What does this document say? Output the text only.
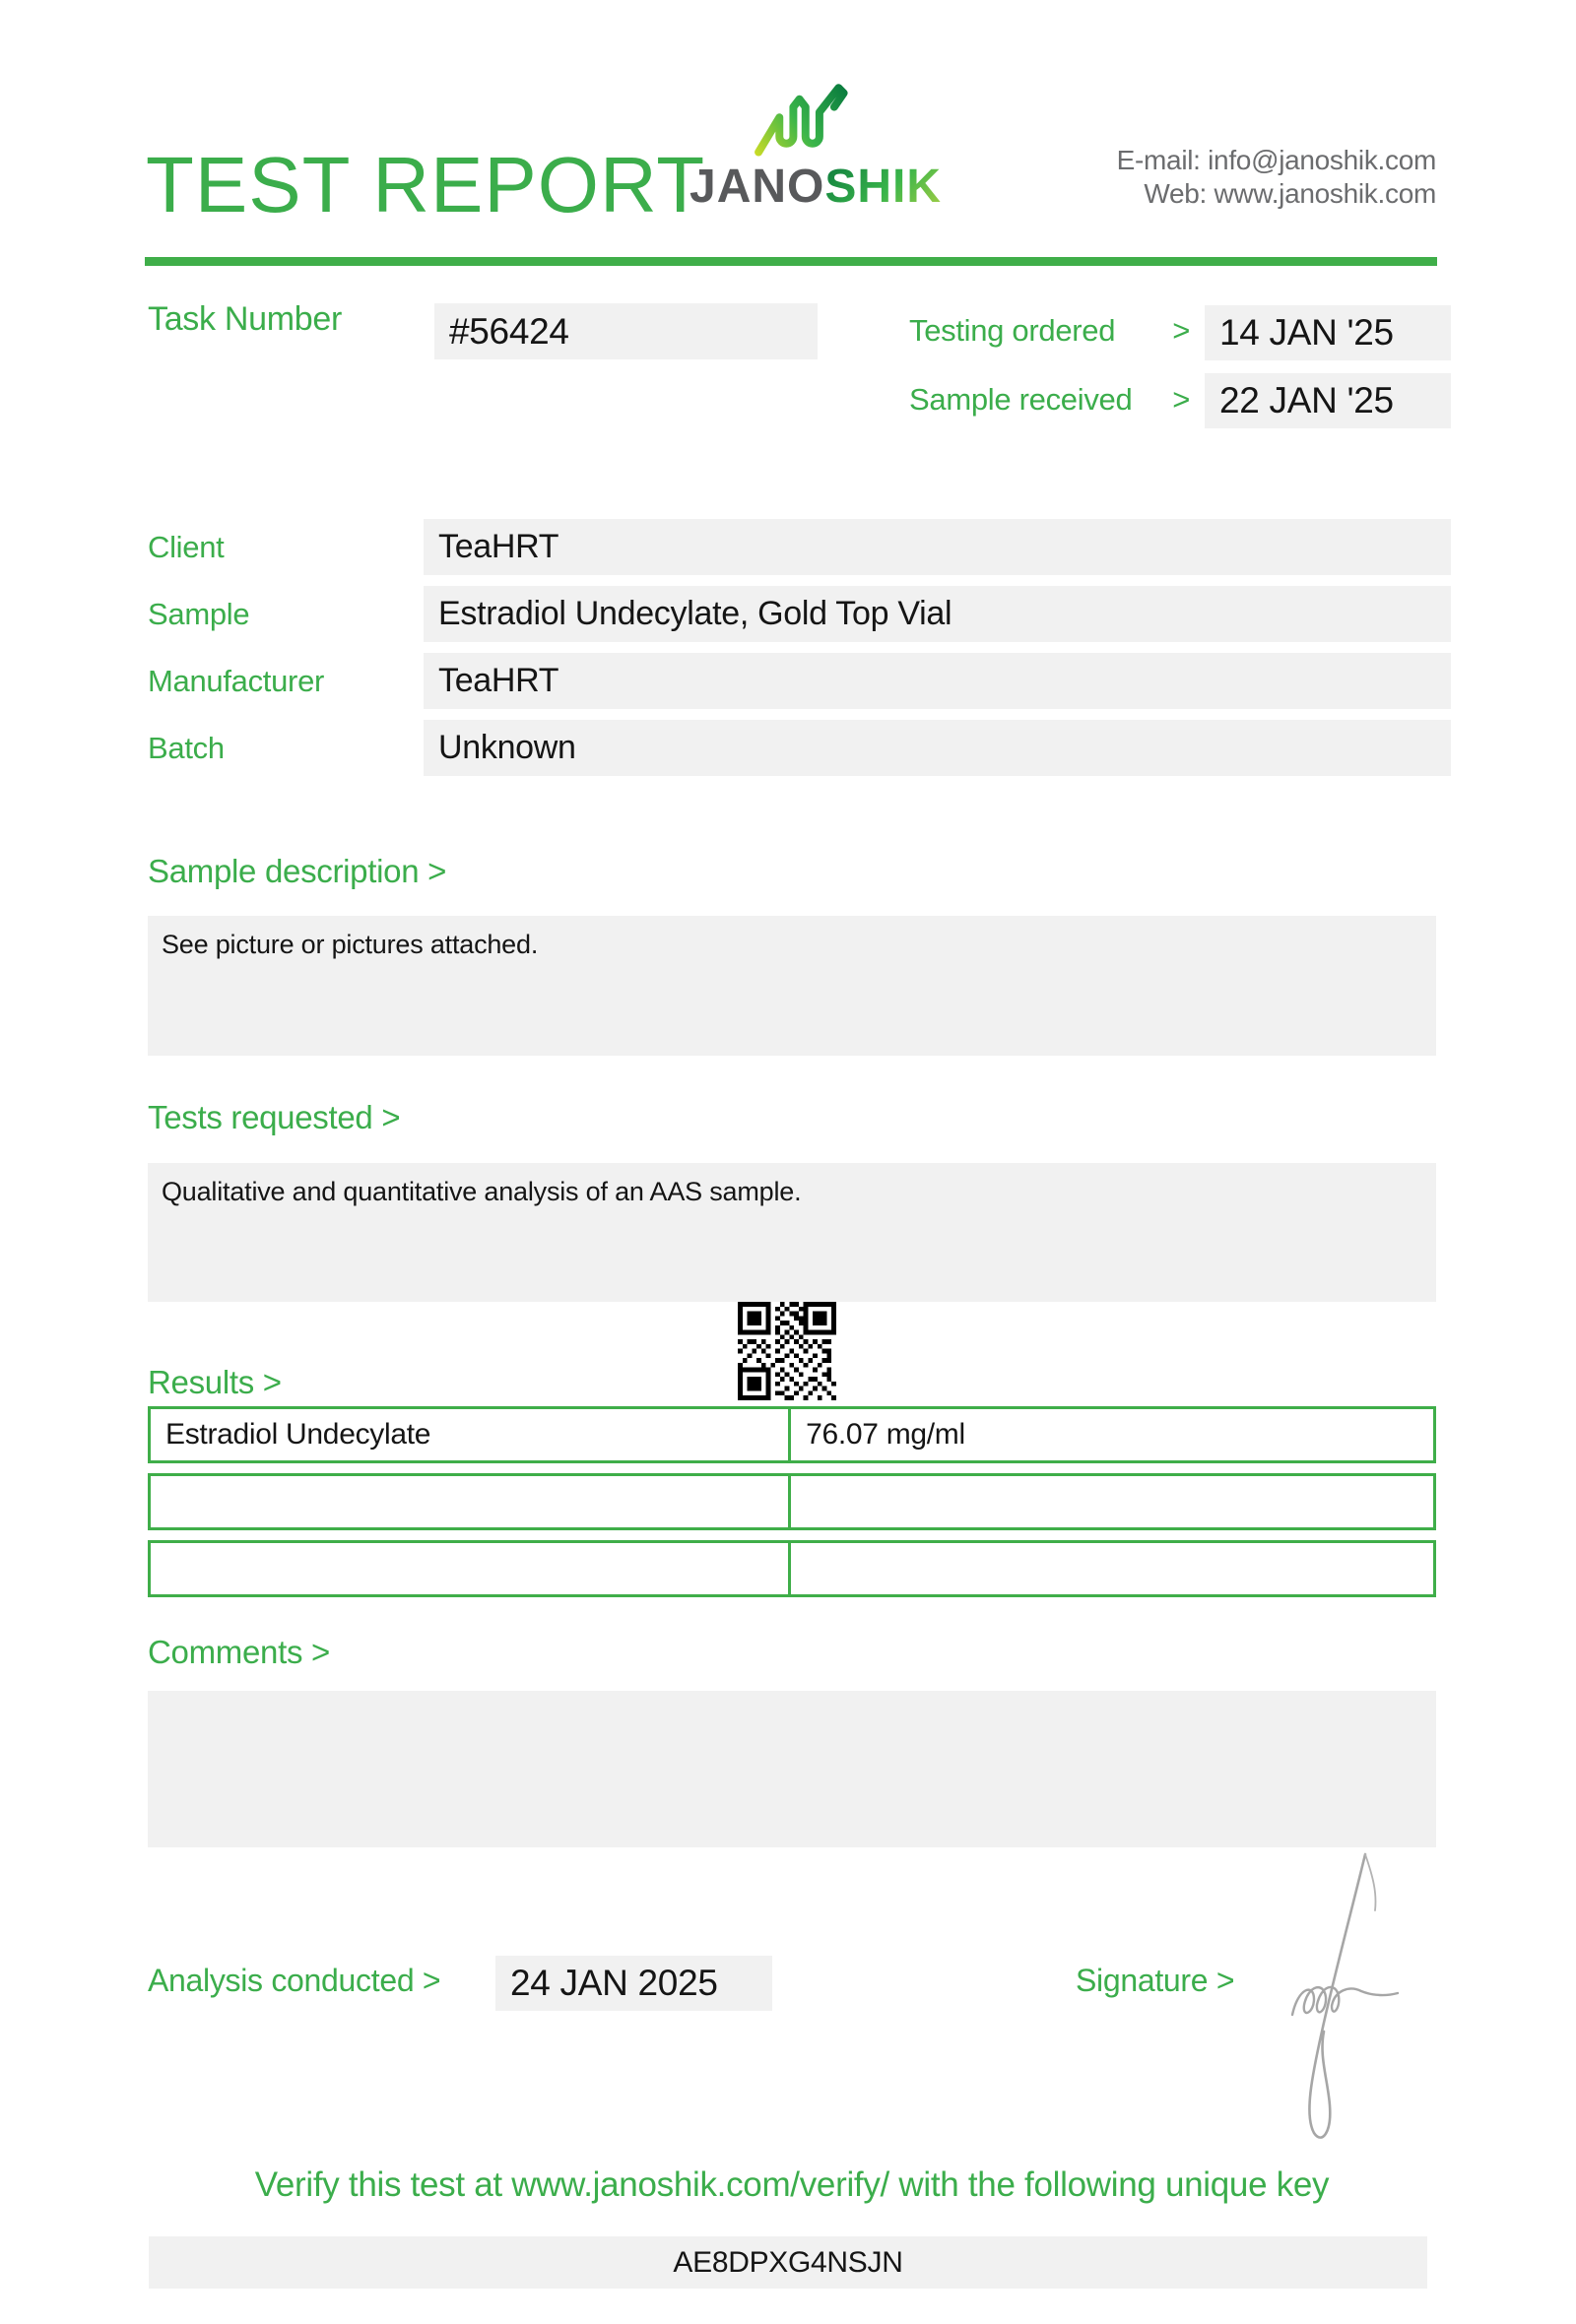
TEST REPORT
JANOSHIK
E-mail: info@janoshik.com
Web: www.janoshik.com
Task Number	#56424	Testing ordered > 14 JAN '25
Sample received > 22 JAN '25
Client	TeaHRT
Sample	Estradiol Undecylate, Gold Top Vial
Manufacturer	TeaHRT
Batch	Unknown
Sample description >
See picture or pictures attached.
Tests requested >
Qualitative and quantitative analysis of an AAS sample.
Results >
Estradiol Undecylate	76.07 mg/ml
Comments >
Analysis conducted >	24 JAN 2025	Signature >
Verify this test at www.janoshik.com/verify/ with the following unique key
AE8DPXG4NSJN
